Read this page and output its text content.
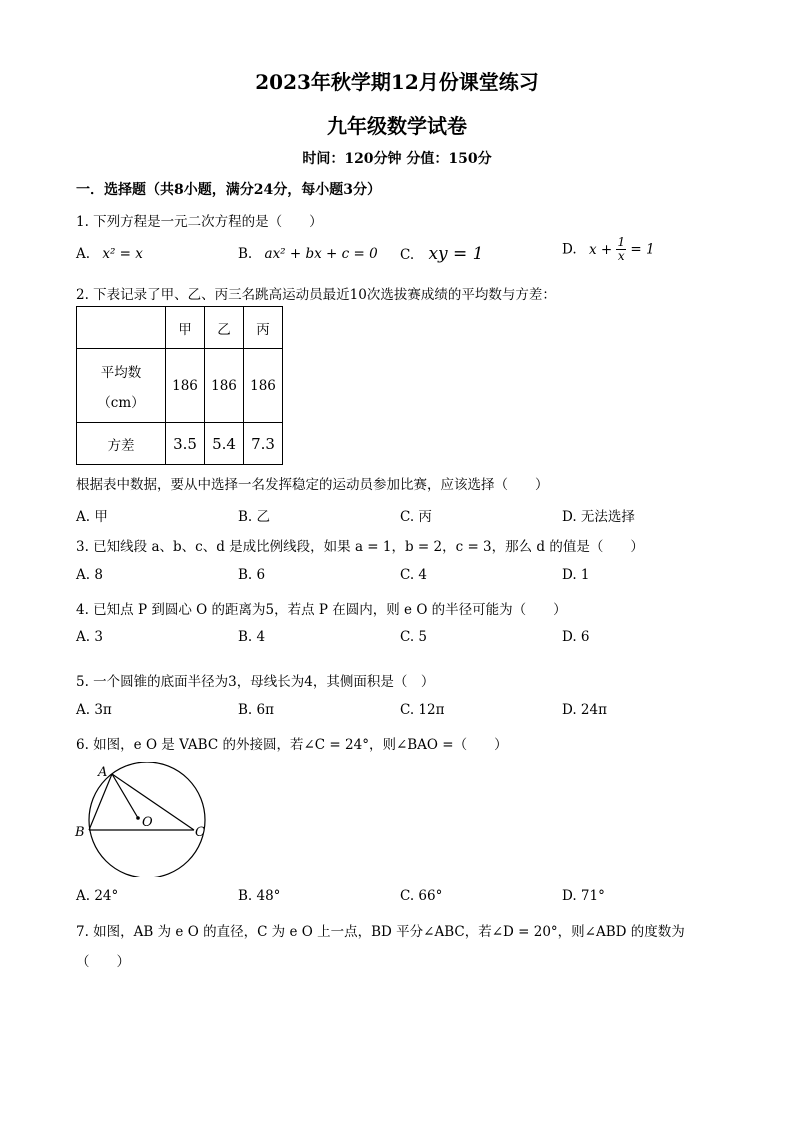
2023年秋学期12月份课堂练习
九年级数学试卷
时间：120分钟 分值：150分
一．选择题（共8小题，满分24分，每小题3分）
1. 下列方程是一元二次方程的是（　　）
A. x² = x	B. ax² + bx + c = 0 C. xy = 1	D. $x + \frac{1}{x} = 1$
2. 下表记录了甲、乙、丙三名跳高运动员最近10次选拔赛成绩的平均数与方差：
	甲	乙	丙

平均数
（cm）	186	186	186
方差	3.5	5.4	7.3
根据表中数据，要从中选择一名发挥稳定的运动员参加比赛，应该选择（　　）
A. 甲	B. 乙	C. 丙	D. 无法选择
3. 已知线段 a、b、c、d 是成比例线段，如果 a = 1，b = 2，c = 3，那么 d 的值是（　　）
A. 8	B. 6	C. 4	D. 1
4. 已知点 P 到圆心 O 的距离为5，若点 P 在圆内，则 e O 的半径可能为（　　）
A. 3	B. 4	C. 5	D. 6
5. 一个圆锥的底面半径为3，母线长为4，其侧面积是（　）
A. 3π	B. 6π	C. 12π	D. 24π
6. 如图，e O 是 VABC 的外接圆，若∠C = 24°，则∠BAO =（　　）
A
B	C
O
A. 24°	B. 48°	C. 66°	D. 71°
7. 如图，AB 为 e O 的直径，C 为 e O 上一点，BD 平分∠ABC，若∠D = 20°，则∠ABD 的度数为
（　　）
